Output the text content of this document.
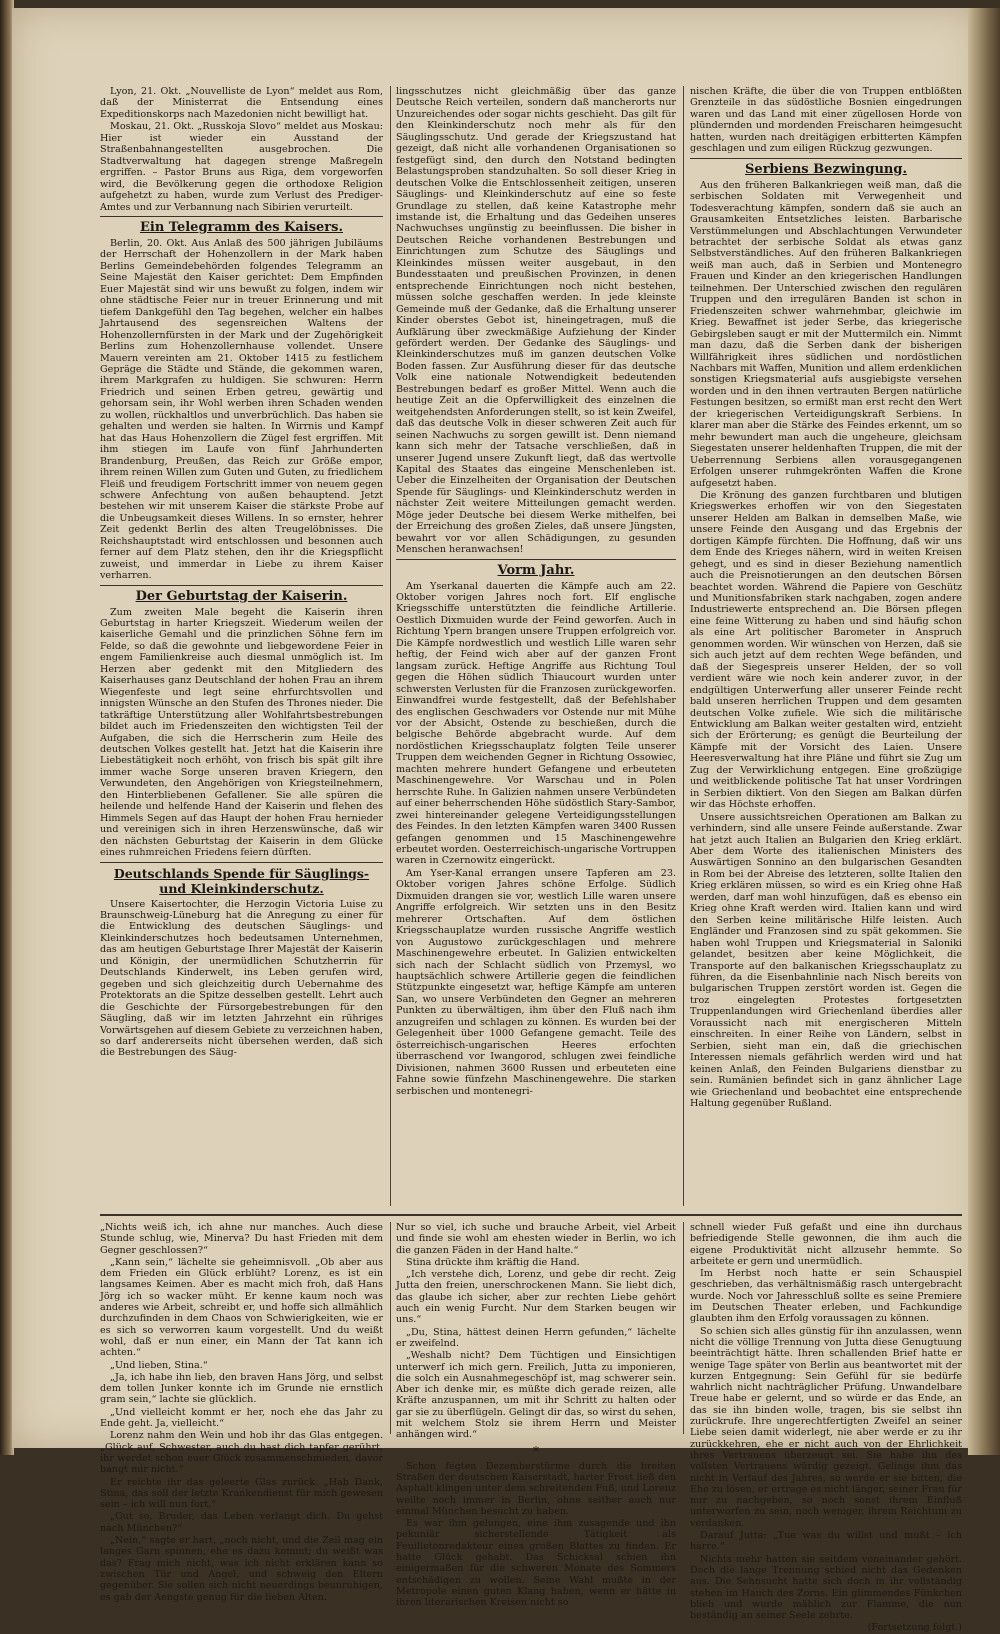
Lyon, 21. Okt. „Nouvelliste de Lyon“ meldet aus Rom, daß der Ministerrat die Entsendung eines Expeditionskorps nach Mazedonien nicht bewilligt hat.

Moskau, 21. Okt. „Russkoja Slovo“ meldet aus Moskau: Hier ist wieder ein Ausstand der Straßenbahnangestellten ausgebrochen. Die Stadtverwaltung hat dagegen strenge Maßregeln ergriffen. – Pastor Bruns aus Riga, dem vorgeworfen wird, die Bevölkerung gegen die orthodoxe Religion aufgehetzt zu haben, wurde zum Verlust des Prediger-Amtes und zur Verbannung nach Sibirien verurteilt.

Ein Telegramm des Kaisers.

Berlin, 20. Okt. Aus Anlaß des 500 jährigen Jubiläums der Herrschaft der Hohenzollern in der Mark haben Berlins Gemeindebehörden folgendes Telegramm an Seine Majestät den Kaiser gerichtet: Dem Empfinden Euer Majestät sind wir uns bewußt zu folgen, indem wir ohne städtische Feier nur in treuer Erinnerung und mit tiefem Dankgefühl den Tag begehen, welcher ein halbes Jahrtausend des segensreichen Waltens der Hohenzollernfürsten in der Mark und der Zugehörigkeit Berlins zum Hohenzollernhause vollendet. Unsere Mauern vereinten am 21. Oktober 1415 zu festlichem Gepräge die Städte und Stände, die gekommen waren, ihrem Markgrafen zu huldigen. Sie schwuren: Herrn Friedrich und seinen Erben getreu, gewärtig und gehorsam sein, ihr Wohl werben ihren Schaden wenden zu wollen, rückhaltlos und unverbrüchlich. Das haben sie gehalten und werden sie halten. In Wirrnis und Kampf hat das Haus Hohenzollern die Zügel fest ergriffen. Mit ihm stiegen im Laufe von fünf Jahrhunderten Brandenburg, Preußen, das Reich zur Größe empor, ihrem reinen Willen zum Guten und Guten, zu friedlichem Fleiß und freudigem Fortschritt immer von neuem gegen schwere Anfechtung von außen behauptend. Jetzt bestehen wir mit unserem Kaiser die stärkste Probe auf die Unbeugsamkeit dieses Willens. In so ernster, hehrer Zeit gedenkt Berlin des alten Treugelöbnisses. Die Reichshauptstadt wird entschlossen und besonnen auch ferner auf dem Platz stehen, den ihr die Kriegspflicht zuweist, und immerdar in Liebe zu ihrem Kaiser verharren.

Der Geburtstag der Kaiserin.

Zum zweiten Male begeht die Kaiserin ihren Geburtstag in harter Kriegszeit. Wiederum weilen der kaiserliche Gemahl und die prinzlichen Söhne fern im Felde, so daß die gewohnte und liebgewordene Feier in engem Familienkreise auch diesmal unmöglich ist. Im Herzen aber gedenkt mit den Mitgliedern des Kaiserhauses ganz Deutschland der hohen Frau an ihrem Wiegenfeste und legt seine ehrfurchtsvollen und innigsten Wünsche an den Stufen des Thrones nieder. Die tatkräftige Unterstützung aller Wohlfahrtsbestrebungen bildet auch im Friedenszeiten den wichtigsten Teil der Aufgaben, die sich die Herrscherin zum Heile des deutschen Volkes gestellt hat. Jetzt hat die Kaiserin ihre Liebestätigkeit noch erhöht, von frisch bis spät gilt ihre immer wache Sorge unseren braven Kriegern, den Verwundeten, den Angehörigen von Kriegsteilnehmern, den Hinterbliebenen Gefallener. Sie alle spüren die heilende und helfende Hand der Kaiserin und flehen des Himmels Segen auf das Haupt der hohen Frau hernieder und vereinigen sich in ihren Herzenswünsche, daß wir den nächsten Geburtstag der Kaiserin in dem Glücke eines ruhmreichen Friedens feiern dürften.

Deutschlands Spende für Säuglings- und Kleinkinderschutz.

Unsere Kaisertochter, die Herzogin Victoria Luise zu Braunschweig-Lüneburg hat die Anregung zu einer für die Entwicklung des deutschen Säuglings- und Kleinkinderschutzes hoch bedeutsamen Unternehmen, das am heutigen Geburtstage Ihrer Majestät der Kaiserin und Königin, der unermüdlichen Schutzherrin für Deutschlands Kinderwelt, ins Leben gerufen wird, gegeben und sich gleichzeitig durch Uebernahme des Protektorats an die Spitze desselben gestellt. Lehrt auch die Geschichte der Fürsorgebestrebungen für den Säugling, daß wir im letzten Jahrzehnt ein rühriges Vorwärtsgehen auf diesem Gebiete zu verzeichnen haben, so darf andererseits nicht übersehen werden, daß sich die Bestrebungen des Säug-

lingsschutzes nicht gleichmäßig über das ganze Deutsche Reich verteilen, sondern daß mancherorts nur Unzureichendes oder sogar nichts geschieht. Das gilt für den Kleinkinderschutz noch mehr als für den Säuglingsschutz. Und gerade der Kriegszustand hat gezeigt, daß nicht alle vorhandenen Organisationen so festgefügt sind, den durch den Notstand bedingten Belastungsproben standzuhalten. So soll dieser Krieg in deutschen Volke die Entschlossenheit zeitigen, unseren Säuglings- und Kleinkinderschutz auf eine so feste Grundlage zu stellen, daß keine Katastrophe mehr imstande ist, die Erhaltung und das Gedeihen unseres Nachwuchses ungünstig zu beeinflussen. Die bisher in Deutschen Reiche vorhandenen Bestrebungen und Einrichtungen zum Schutze des Säuglings und Kleinkindes müssen weiter ausgebaut, in den Bundesstaaten und preußischen Provinzen, in denen entsprechende Einrichtungen noch nicht bestehen, müssen solche geschaffen werden. In jede kleinste Gemeinde muß der Gedanke, daß die Erhaltung unserer Kinder oberstes Gebot ist, hineingetragen, muß die Aufklärung über zweckmäßige Aufziehung der Kinder gefördert werden. Der Gedanke des Säuglings- und Kleinkinderschutzes muß im ganzen deutschen Volke Boden fassen. Zur Ausführung dieser für das deutsche Volk eine nationale Notwendigkeit bedeutenden Bestrebungen bedarf es großer Mittel. Wenn auch die heutige Zeit an die Opferwilligkeit des einzelnen die weitgehendsten Anforderungen stellt, so ist kein Zweifel, daß das deutsche Volk in dieser schweren Zeit auch für seinen Nachwuchs zu sorgen gewillt ist. Denn niemand kann sich mehr der Tatsache verschließen, daß in unserer Jugend unsere Zukunft liegt, daß das wertvolle Kapital des Staates das eingeine Menschenleben ist. Ueber die Einzelheiten der Organisation der Deutschen Spende für Säuglings- und Kleinkinderschutz werden in nächster Zeit weitere Mitteilungen gemacht werden. Möge jeder Deutsche bei diesem Werke mithelfen, bei der Erreichung des großen Zieles, daß unsere Jüngsten, bewahrt vor vor allen Schädigungen, zu gesunden Menschen heranwachsen!

Vorm Jahr.

Am Yserkanal dauerten die Kämpfe auch am 22. Oktober vorigen Jahres noch fort. Elf englische Kriegsschiffe unterstützten die feindliche Artillerie. Oestlich Dixmuiden wurde der Feind geworfen. Auch in Richtung Ypern brangen unsere Truppen erfolgreich vor. Die Kämpfe nordwestlich und westlich Lille waren sehr heftig, der Feind wich aber auf der ganzen Front langsam zurück. Heftige Angriffe aus Richtung Toul gegen die Höhen südlich Thiaucourt wurden unter schwersten Verlusten für die Franzosen zurückgeworfen. Einwandfrei wurde festgestellt, daß der Befehlshaber des englischen Geschwaders vor Ostende nur mit Mühe vor der Absicht, Ostende zu beschießen, durch die belgische Behörde abgebracht wurde. Auf dem nordöstlichen Kriegsschauplatz folgten Teile unserer Truppen dem weichenden Gegner in Richtung Ossowiec, machten mehrere hundert Gefangene und erbeuteten Maschinengewehre. Vor Warschau und in Polen herrschte Ruhe. In Galizien nahmen unsere Verbündeten auf einer beherrschenden Höhe südöstlich Stary-Sambor, zwei hintereinander gelegene Verteidigungsstellungen des Feindes. In den letzten Kämpfen waren 3400 Russen gefangen genommen und 15 Maschinengewehre erbeutet worden. Oesterreichisch-ungarische Vortruppen waren in Czernowitz eingerückt.

Am Yser-Kanal errangen unsere Tapferen am 23. Oktober vorigen Jahres schöne Erfolge. Südlich Dixmuiden drangen sie vor, westlich Lille waren unsere Angriffe erfolgreich. Wir setzten uns in den Besitz mehrerer Ortschaften. Auf dem östlichen Kriegsschauplatze wurden russische Angriffe westlich von Augustowo zurückgeschlagen und mehrere Maschinengewehre erbeutet. In Galizien entwickelten sich nach der Schlacht südlich von Przemysl, wo hauptsächlich schwere Artillerie gegen die feindlichen Stützpunkte eingesetzt war, heftige Kämpfe am unteren San, wo unsere Verbündeten den Gegner an mehreren Punkten zu überwältigen, ihm über den Fluß nach ihm anzugreifen und schlagen zu können. Es wurden bei der Gelegenheit über 1000 Gefangene gemacht. Teile des österreichisch-ungarischen Heeres erfochten überraschend vor Iwangorod, schlugen zwei feindliche Divisionen, nahmen 3600 Russen und erbeuteten eine Fahne sowie fünfzehn Maschinengewehre. Die starken serbischen und montenegri-

nischen Kräfte, die über die von Truppen entblößten Grenzteile in das südöstliche Bosnien eingedrungen waren und das Land mit einer zügellosen Horde von plündernden und mordenden Freischaren heimgesucht hatten, wurden nach dreitägigen erbitterten Kämpfen geschlagen und zum eiligen Rückzug gezwungen.

Serbiens Bezwingung.

Aus den früheren Balkankriegen weiß man, daß die serbischen Soldaten mit Verwegenheit und Todesverachtung kämpfen, sondern daß sie auch an Grausamkeiten Entsetzliches leisten. Barbarische Verstümmelungen und Abschlachtungen Verwundeter betrachtet der serbische Soldat als etwas ganz Selbstverständliches. Auf den früheren Balkankriegen weiß man auch, daß in Serbien und Montenegro Frauen und Kinder an den kriegerischen Handlungen teilnehmen. Der Unterschied zwischen den regulären Truppen und den irregulären Banden ist schon in Friedenszeiten schwer wahrnehmbar, gleichwie im Krieg. Bewaffnet ist jeder Serbe, das kriegerische Gebirgsleben saugt er mit der Muttermilch ein. Nimmt man dazu, daß die Serben dank der bisherigen Willfährigkeit ihres südlichen und nordöstlichen Nachbars mit Waffen, Munition und allem erdenklichen sonstigen Kriegsmaterial aufs ausgiebigste versehen worden und in den ihnen vertrauten Bergen natürliche Festungen besitzen, so ermißt man erst recht den Wert der kriegerischen Verteidigungskraft Serbiens. In klarer man aber die Stärke des Feindes erkennt, um so mehr bewundert man auch die ungeheure, gleichsam Siegestaten unserer heldenhaften Truppen, die mit der Ueberrennung Serbiens allen vorausgegangenen Erfolgen unserer ruhmgekrönten Waffen die Krone aufgesetzt haben.

Die Krönung des ganzen furchtbaren und blutigen Kriegswerkes erhoffen wir von den Siegestaten unserer Helden am Balkan in demselben Maße, wie unsere Feinde den Ausgang und das Ergebnis der dortigen Kämpfe fürchten. Die Hoffnung, daß wir uns dem Ende des Krieges nähern, wird in weiten Kreisen gehegt, und es sind in dieser Beziehung namentlich auch die Preisnotierungen an den deutschen Börsen beachtet worden. Während die Papiere von Geschütz und Munitionsfabriken stark nachgaben, zogen andere Industriewerte entsprechend an. Die Börsen pflegen eine feine Witterung zu haben und sind häufig schon als eine Art politischer Barometer in Anspruch genommen worden. Wir wünschen von Herzen, daß sie sich auch jetzt auf dem rechten Wege befänden, und daß der Siegespreis unserer Helden, der so voll verdient wäre wie noch kein anderer zuvor, in der endgültigen Unterwerfung aller unserer Feinde recht bald unseren herrlichen Truppen und dem gesamten deutschen Volke zufiele. Wie sich die militärische Entwicklung am Balkan weiter gestalten wird, entzieht sich der Erörterung; es genügt die Beurteilung der Kämpfe mit der Vorsicht des Laien. Unsere Heeresverwaltung hat ihre Pläne und führt sie Zug um Zug der Verwirklichung entgegen. Eine großzügige und weitblickende politische Tat hat unser Vordringen in Serbien diktiert. Von den Siegen am Balkan dürfen wir das Höchste erhoffen.

Unsere aussichtsreichen Operationen am Balkan zu verhindern, sind alle unsere Feinde außerstande. Zwar hat jetzt auch Italien an Bulgarien den Krieg erklärt. Aber dem Worte des italienischen Ministers des Auswärtigen Sonnino an den bulgarischen Gesandten in Rom bei der Abreise des letzteren, sollte Italien den Krieg erklären müssen, so wird es ein Krieg ohne Haß werden, darf man wohl hinzufügen, daß es ebenso ein Krieg ohne Kraft werden wird. Italien kann und wird den Serben keine militärische Hilfe leisten. Auch Engländer und Franzosen sind zu spät gekommen. Sie haben wohl Truppen und Kriegsmaterial in Saloniki gelandet, besitzen aber keine Möglichkeit, die Transporte auf den balkanischen Kriegsschauplatz zu führen, da die Eisenbahnlinie nach Nisch bereits von bulgarischen Truppen zerstört worden ist. Gegen die troz eingelegten Protestes fortgesetzten Truppenlandungen wird Griechenland überdies aller Voraussicht nach mit energischeren Mitteln einschreiten. In einer Reihe von Ländern, selbst in Serbien, sieht man ein, daß die griechischen Interessen niemals gefährlich werden wird und hat keinen Anlaß, den Feinden Bulgariens dienstbar zu sein. Rumänien befindet sich in ganz ähnlicher Lage wie Griechenland und beobachtet eine entsprechende Haltung gegenüber Rußland.

„Nichts weiß ich, ich ahne nur manches. Auch diese Stunde schlug, wie, Minerva? Du hast Frieden mit dem Gegner geschlossen?“

„Kann sein,“ lächelte sie geheimnisvoll. „Ob aber aus dem Frieden ein Glück erblüht? Lorenz, es ist ein langsames Keimen. Aber es macht mich froh, daß Hans Jörg ich so wacker müht. Er kenne kaum noch was anderes wie Arbeit, schreibt er, und hoffe sich allmählich durchzufinden in dem Chaos von Schwierigkeiten, wie er es sich so verworren kaum vorgestellt. Und du weißt wohl, daß er nun einer, ein Mann der Tat kann ich achten.“

„Und lieben, Stina.“

„Ja, ich habe ihn lieb, den braven Hans Jörg, und selbst dem tollen Junker konnte ich im Grunde nie ernstlich gram sein,“ lachte sie glücklich.

„Und vielleicht kommt er her, noch ehe das Jahr zu Ende geht. Ja, vielleicht.“

Lorenz nahm den Wein und hob ihr das Glas entgegen. „Glück auf, Schwester, auch du hast dich tapfer gerührt, ihr werdet schon euer Glück zusammenschmieden, davor bangt mir nicht.“

Er reichte ihr das geleerte Glas zurück. „Hab Dank, Stina, das soll der letzte Krankendienst für mich gewesen sein – ich will nun fort.“

„Gut so, Bruder, das Leben verlangt dich. Du gehst nach München?“

„Nein,“ sagte er hart, „noch nicht, und die Zeil mag ein langes Garn spinnen, ehe es dazu kommt; du weißt was das? Frag mich nicht, was ich nicht erklären kann so zwischen Tür und Angel, und schweig den Eltern gegenüber. Sie sollen sich nicht neuerdings beunruhigen, es gab der Aengste genug für die lieben Alten.

Nur so viel, ich suche und brauche Arbeit, viel Arbeit und finde sie wohl am ehesten wieder in Berlin, wo ich die ganzen Fäden in der Hand halte.“

Stina drückte ihm kräftig die Hand.

„Ich verstehe dich, Lorenz, und gebe dir recht. Zeig Jutta den freien, unerschrockenen Mann. Sie liebt dich, das glaube ich sicher, aber zur rechten Liebe gehört auch ein wenig Furcht. Nur dem Starken beugen wir uns.“

„Du, Stina, hättest deinen Herrn gefunden,“ lächelte er zweifelnd.

„Weshalb nicht? Dem Tüchtigen und Einsichtigen unterwerf ich mich gern. Freilich, Jutta zu imponieren, die solch ein Ausnahmegeschöpf ist, mag schwerer sein. Aber ich denke mir, es müßte dich gerade reizen, alle Kräfte anzuspannen, um mit ihr Schritt zu halten oder gar sie zu überflügeln. Gelingt dir das, so wirst du sehen, mit welchem Stolz sie ihrem Herrn und Meister anhängen wird.“

*

Schon fegten Dezemberstürme durch die breiten Straßen der deutschen Kaiserstadt, harter Frost ließ den Asphalt klingen unter dem schreitenden Fuß, und Lorenz weilte noch immer in Berlin, ohne seither auch nur einmal München besucht zu haben.

Es war ihm gelungen, eine ihm zusagende und ihn pekuniär sicherstellende Tätigkeit als Feuilletonredakteur eines großen Blattes zu finden. Er hatte Glück gehabt. Das Schicksal schien ihn einigermaßen für die schweren Monate des Sommers entschädigen zu wollen. Seine Wahl mußte in der Metropole einen guten Klang haben, wenn er hätte in ihren literarischen Kreisen nicht so

schnell wieder Fuß gefaßt und eine ihn durchaus befriedigende Stelle gewonnen, die ihm auch die eigene Produktivität nicht allzusehr hemmte. So arbeitete er gern und unermüdlich.

Im Herbst noch hatte er sein Schauspiel geschrieben, das verhältnismäßig rasch untergebracht wurde. Noch vor Jahresschluß sollte es seine Premiere im Deutschen Theater erleben, und Fachkundige glaubten ihm den Erfolg voraussagen zu können.

So schien sich alles günstig für ihn anzulassen, wenn nicht die völlige Trennung von Jutta diese Genugtuung beeinträchtigt hätte. Ihren schallenden Brief hatte er wenige Tage später von Berlin aus beantwortet mit der kurzen Entgegnung: Sein Gefühl für sie bedürfe wahrlich nicht nachträglicher Prüfung. Unwandelbare Treue habe er gelernt, und so würde er das Ende, an das sie ihn binden wolle, tragen, bis sie selbst ihn zurückrufe. Ihre ungerechtfertigten Zweifel an seiner Liebe seien damit widerlegt, nie aber werde er zu ihr zurückkehren, ehe er nicht auch von der Ehrlichkeit ihres Vertrauens überzeugt sei. Sie habe ihn des vollsten Vertrauens würdig gezeigt. Gelinge ihm das nicht in Verlauf des Jahres, so werde er sie bitten, die Ehe zu lösen, er ertrage es nicht länger, seiner Frau für nur zu nachgeben, so noch sonst ihrem Einfluß unterworfen zu sein, noch weniger, ihrem Reichtum zu verdanken.

Darauf Jutta: „Tue was du willst und mußt – ich harre.“

Nichts mehr hatten sie seitdem voneinander gehört. Doch die lange Trennung schied nicht das Gedenken aus. Die Sehnsucht hatte sich doch in ihr vollständig stehen im Hauch des Zorns. Ein glimmendes Fünkchen blieb und wurde mählich zur Flamme, die nun beständig an seiner Seele zehrte.

(Fortsetzung folgt.)
